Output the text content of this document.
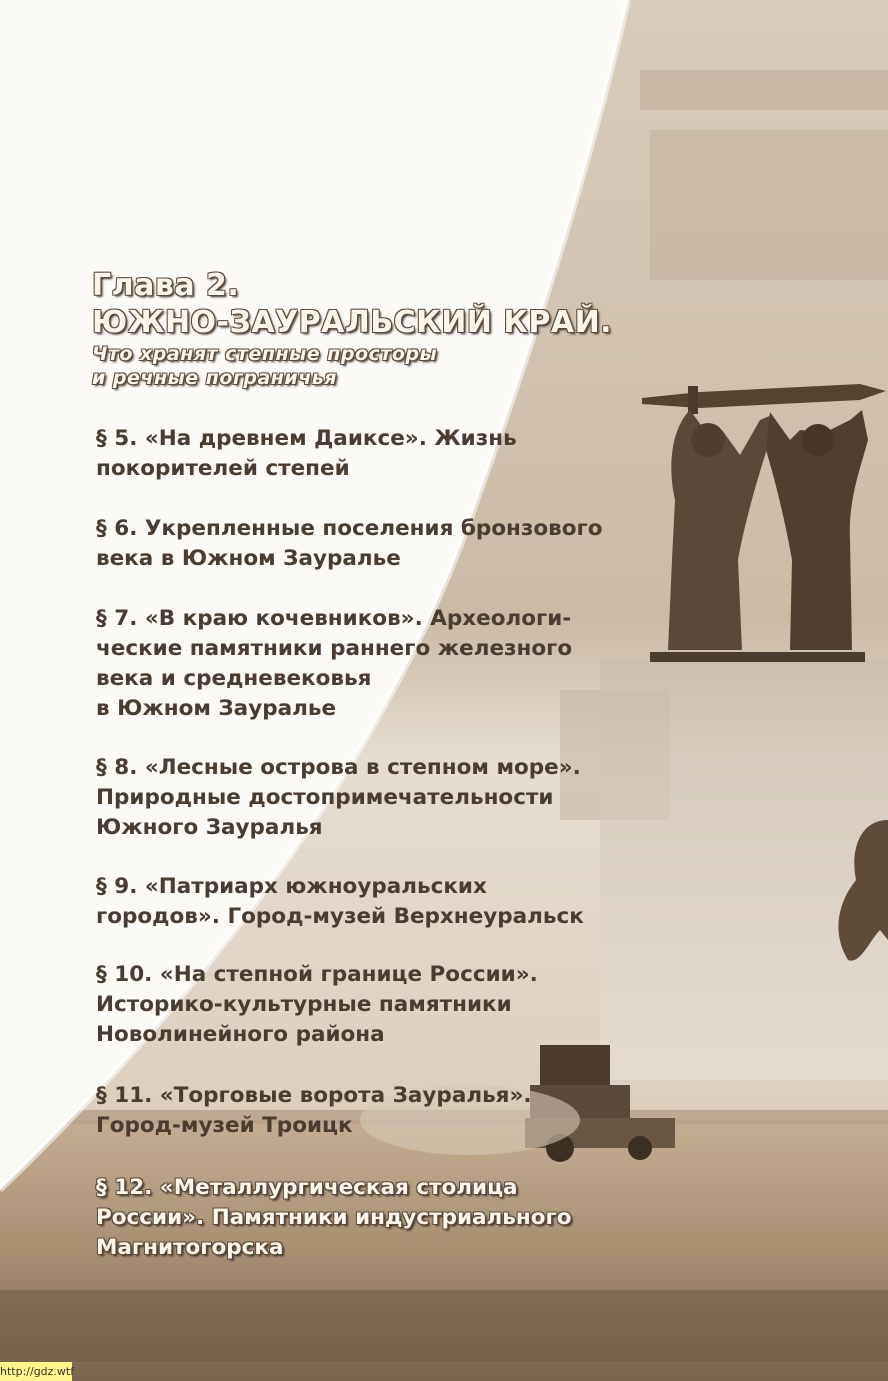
Глава 2.
ЮЖНО-ЗАУРАЛЬСКИЙ КРАЙ.
Что хранят степные просторы
и речные пограничья
§ 5. «На древнем Даиксе». Жизнь
покорителей степей
§ 6. Укрепленные поселения бронзового
века в Южном Зауралье
§ 7. «В краю кочевников». Археологи-
ческие памятники раннего железного
века и средневековья
в Южном Зауралье
§ 8. «Лесные острова в степном море».
Природные достопримечательности
Южного Зауралья
§ 9. «Патриарх южноуральских
городов». Город-музей Верхнеуральск
§ 10. «На степной границе России».
Историко-культурные памятники
Новолинейного района
§ 11. «Торговые ворота Зауралья».
Город-музей Троицк
§ 12. «Металлургическая столица
России». Памятники индустриального
Магнитогорска
http://gdz.wtf
